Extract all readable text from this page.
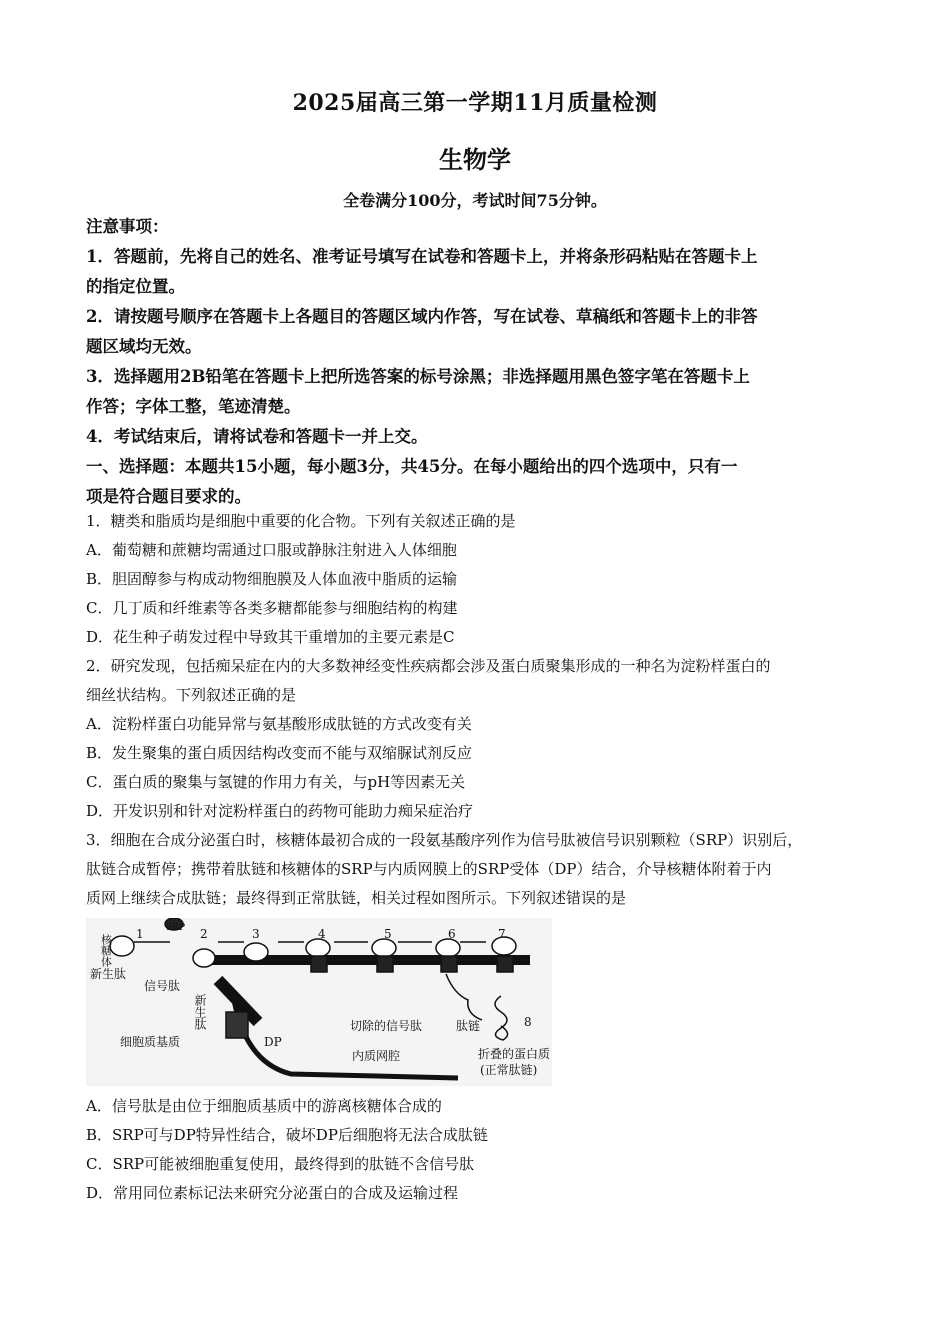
2025届高三第一学期11月质量检测
生物学
全卷满分100分，考试时间75分钟。
注意事项：
1．答题前，先将自己的姓名、准考证号填写在试卷和答题卡上，并将条形码粘贴在答题卡上
的指定位置。
2．请按题号顺序在答题卡上各题目的答题区域内作答，写在试卷、草稿纸和答题卡上的非答
题区域均无效。
3．选择题用2B铅笔在答题卡上把所选答案的标号涂黑；非选择题用黑色签字笔在答题卡上
作答；字体工整，笔迹清楚。
4．考试结束后，请将试卷和答题卡一并上交。
一、选择题：本题共15小题，每小题3分，共45分。在每小题给出的四个选项中，只有一
项是符合题目要求的。
1．糖类和脂质均是细胞中重要的化合物。下列有关叙述正确的是
A．葡萄糖和蔗糖均需通过口服或静脉注射进入人体细胞
B．胆固醇参与构成动物细胞膜及人体血液中脂质的运输
C．几丁质和纤维素等各类多糖都能参与细胞结构的构建
D．花生种子萌发过程中导致其干重增加的主要元素是C
2．研究发现，包括痴呆症在内的大多数神经变性疾病都会涉及蛋白质聚集形成的一种名为淀粉样蛋白的
细丝状结构。下列叙述正确的是
A．淀粉样蛋白功能异常与氨基酸形成肽链的方式改变有关
B．发生聚集的蛋白质因结构改变而不能与双缩脲试剂反应
C．蛋白质的聚集与氢键的作用力有关，与pH等因素无关
D．开发识别和针对淀粉样蛋白的药物可能助力痴呆症治疗
3．细胞在合成分泌蛋白时，核糖体最初合成的一段氨基酸序列作为信号肽被信号识别颗粒（SRP）识别后，
肽链合成暂停；携带着肽链和核糖体的SRP与内质网膜上的SRP受体（DP）结合，介导核糖体附着于内
质网上继续合成肽链；最终得到正常肽链，相关过程如图所示。下列叙述错误的是
核糖体
新生肽
信号肽
SRP
新生肽	切除的信号肽	肽链
细胞质基质	DP
内质网腔	折叠的蛋白质
(正常肽链)
1	2	3	4	5	6	7
8
A．信号肽是由位于细胞质基质中的游离核糖体合成的
B．SRP可与DP特异性结合，破坏DP后细胞将无法合成肽链
C．SRP可能被细胞重复使用，最终得到的肽链不含信号肽
D．常用同位素标记法来研究分泌蛋白的合成及运输过程
